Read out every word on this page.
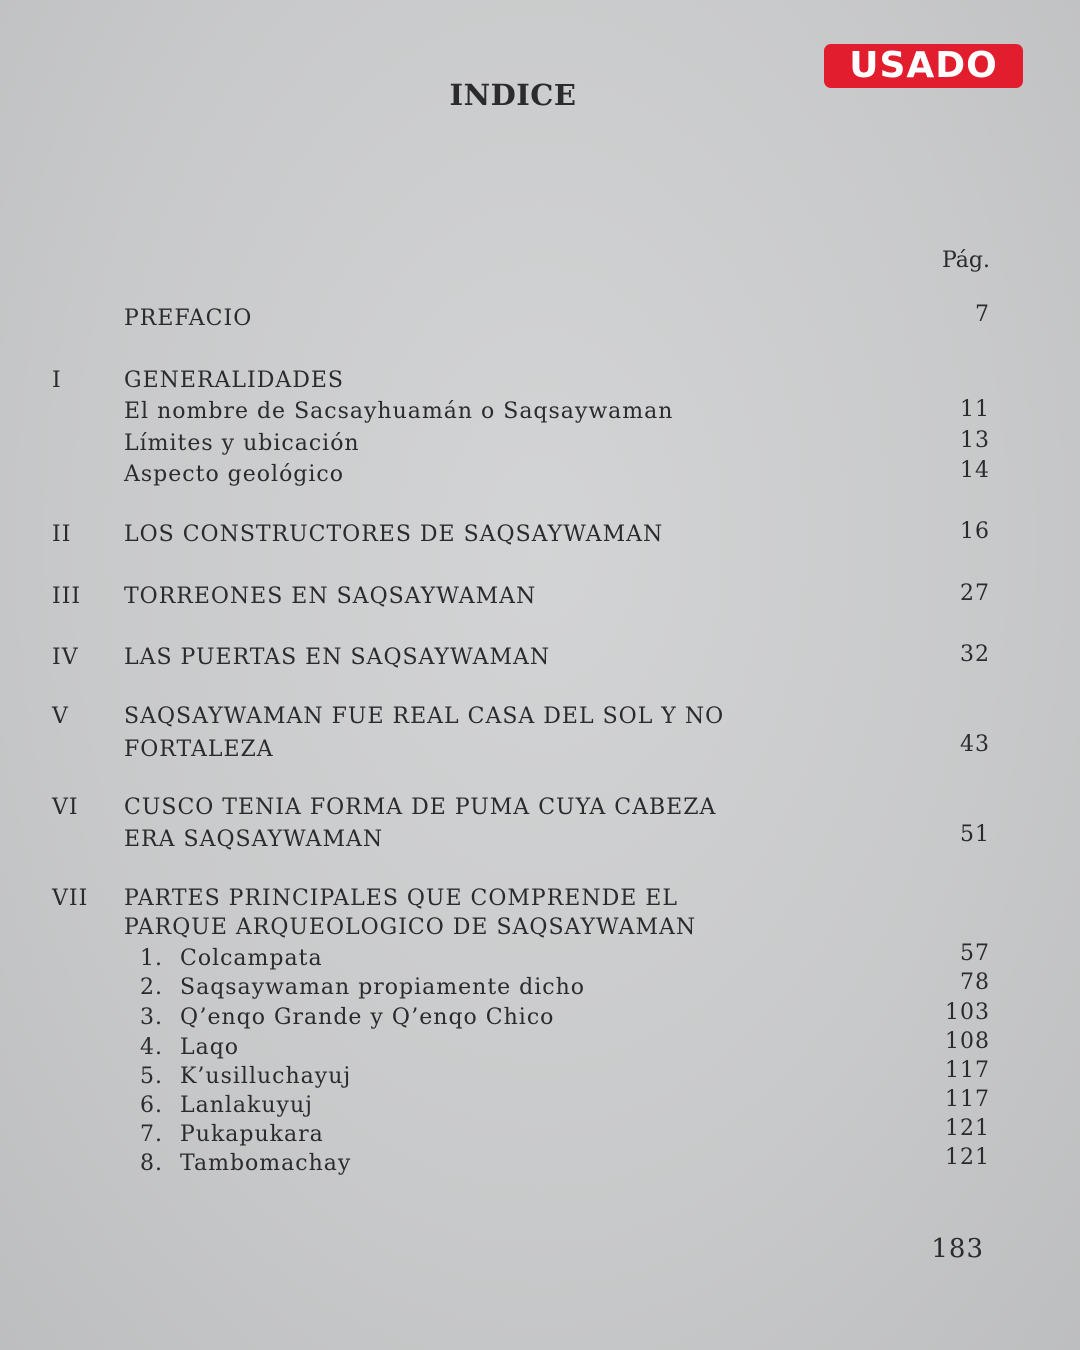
USADO
INDICE
Pág.
PREFACIO	7
I	GENERALIDADES
El nombre de Sacsayhuamán o Saqsaywaman	11
Límites y ubicación	13
Aspecto geológico	14
II LOS CONSTRUCTORES DE SAQSAYWAMAN	16
III TORREONES EN SAQSAYWAMAN	27
IV LAS PUERTAS EN SAQSAYWAMAN	32
V	SAQSAYWAMAN FUE REAL CASA DEL SOL Y NO
FORTALEZA	43
VI CUSCO TENIA FORMA DE PUMA CUYA CABEZA
ERA SAQSAYWAMAN	51
VII PARTES PRINCIPALES QUE COMPRENDE EL
PARQUE ARQUEOLOGICO DE SAQSAYWAMAN
1. Colcampata	57
2. Saqsaywaman propiamente dicho	78
3. Q’enqo Grande y Q’enqo Chico	103
4. Laqo	108
5. K’usilluchayuj	117
6. Lanlakuyuj	117
7. Pukapukara	121
8. Tambomachay	121
183
